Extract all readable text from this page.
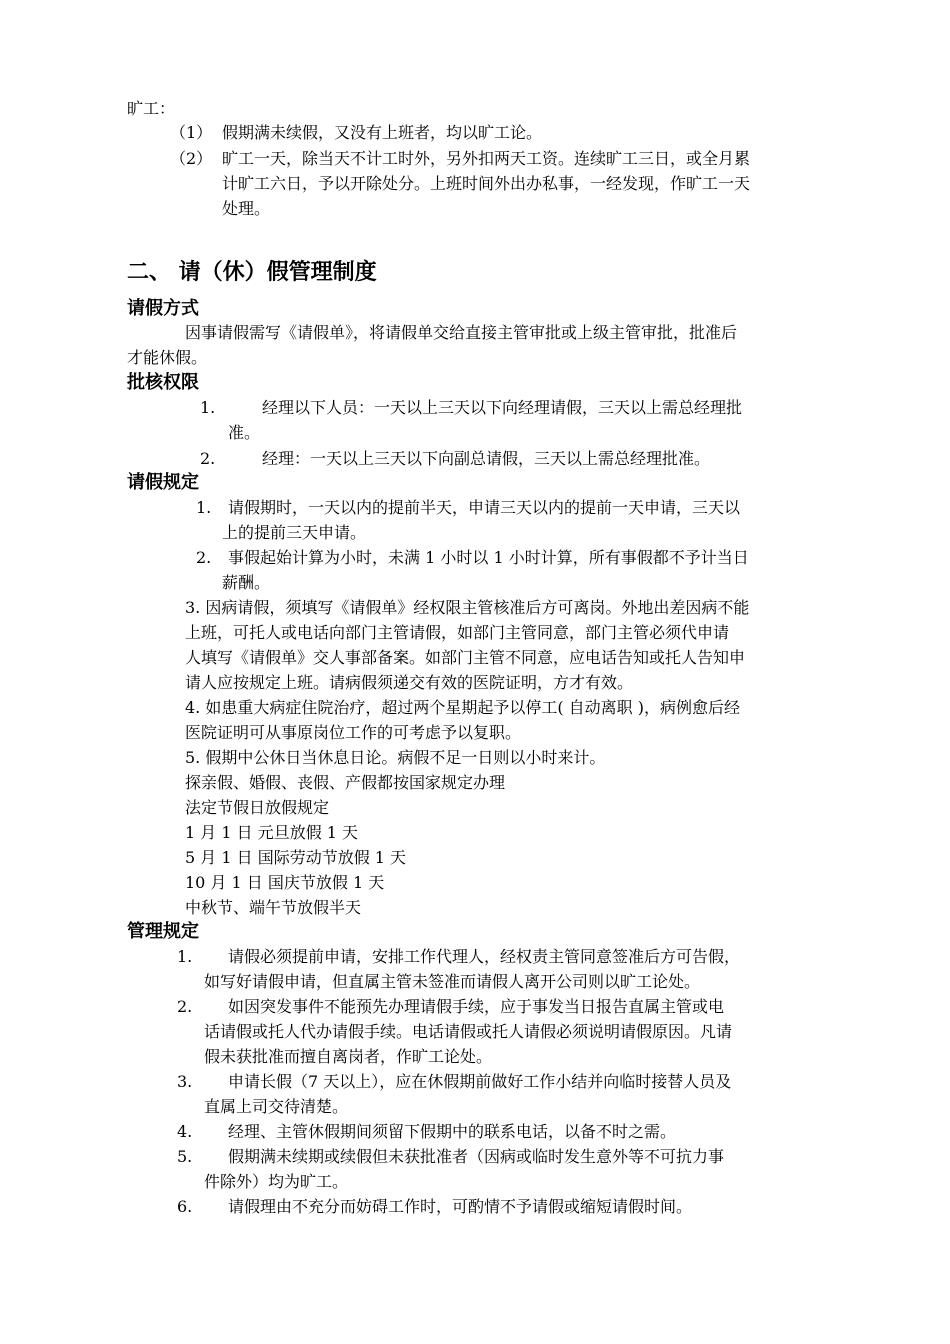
旷工：
（1） 假期满未续假，又没有上班者，均以旷工论。
（2） 旷工一天，除当天不计工时外，另外扣两天工资。连续旷工三日，或全月累
计旷工六日，予以开除处分。上班时间外出办私事，一经发现，作旷工一天
处理。
二、 请（休）假管理制度
请假方式
因事请假需写《请假单》，将请假单交给直接主管审批或上级主管审批，批准后
才能休假。
批核权限
1.	经理以下人员：一天以上三天以下向经理请假，三天以上需总经理批
准。
2.	经理：一天以上三天以下向副总请假，三天以上需总经理批准。
请假规定
1. 请假期时，一天以内的提前半天，申请三天以内的提前一天申请，三天以
上的提前三天申请。
2. 事假起始计算为小时，未满 1 小时以 1 小时计算，所有事假都不予计当日
薪酬。
3. 因病请假，须填写《请假单》经权限主管核准后方可离岗。外地出差因病不能
上班，可托人或电话向部门主管请假，如部门主管同意，部门主管必须代申请
人填写《请假单》交人事部备案。如部门主管不同意，应电话告知或托人告知申
请人应按规定上班。请病假须递交有效的医院证明，方才有效。
4. 如患重大病症住院治疗，超过两个星期起予以停工( 自动离职 )，病例愈后经
医院证明可从事原岗位工作的可考虑予以复职。
5. 假期中公休日当休息日论。病假不足一日则以小时来计。
探亲假、婚假、丧假、产假都按国家规定办理
法定节假日放假规定
1 月 1 日 元旦放假 1 天
5 月 1 日 国际劳动节放假 1 天
10 月 1 日 国庆节放假 1 天
中秋节、端午节放假半天
管理规定
1. 请假必须提前申请，安排工作代理人，经权责主管同意签准后方可告假，
如写好请假申请，但直属主管未签准而请假人离开公司则以旷工论处。
2. 如因突发事件不能预先办理请假手续，应于事发当日报告直属主管或电
话请假或托人代办请假手续。电话请假或托人请假必须说明请假原因。凡请
假未获批准而擅自离岗者，作旷工论处。
3. 申请长假（7 天以上），应在休假期前做好工作小结并向临时接替人员及
直属上司交待清楚。
4. 经理、主管休假期间须留下假期中的联系电话，以备不时之需。
5. 假期满未续期或续假但未获批准者（因病或临时发生意外等不可抗力事
件除外）均为旷工。
6. 请假理由不充分而妨碍工作时，可酌情不予请假或缩短请假时间。
